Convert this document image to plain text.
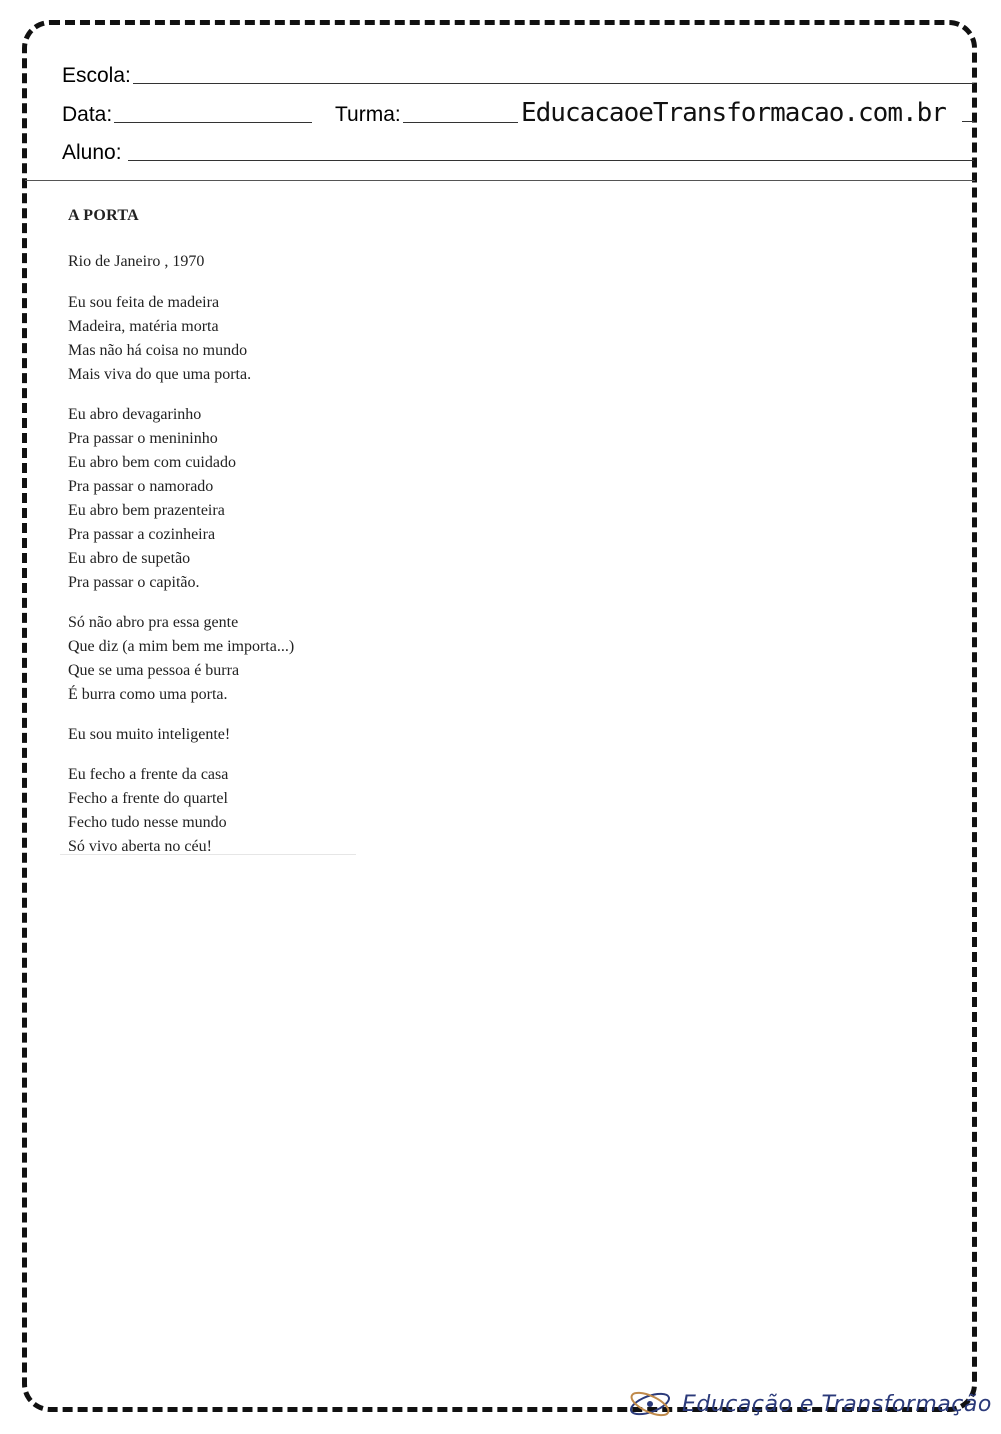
Escola:
Data:	Turma:	EducacaoeTransformacao.com.br
Aluno:
A PORTA
Rio de Janeiro , 1970
Eu sou feita de madeira
Madeira, matéria morta
Mas não há coisa no mundo
Mais viva do que uma porta.
Eu abro devagarinho
Pra passar o menininho
Eu abro bem com cuidado
Pra passar o namorado
Eu abro bem prazenteira
Pra passar a cozinheira
Eu abro de supetão
Pra passar o capitão.
Só não abro pra essa gente
Que diz (a mim bem me importa...)
Que se uma pessoa é burra
É burra como uma porta.
Eu sou muito inteligente!
Eu fecho a frente da casa
Fecho a frente do quartel
Fecho tudo nesse mundo
Só vivo aberta no céu!
Educação e Transformação
